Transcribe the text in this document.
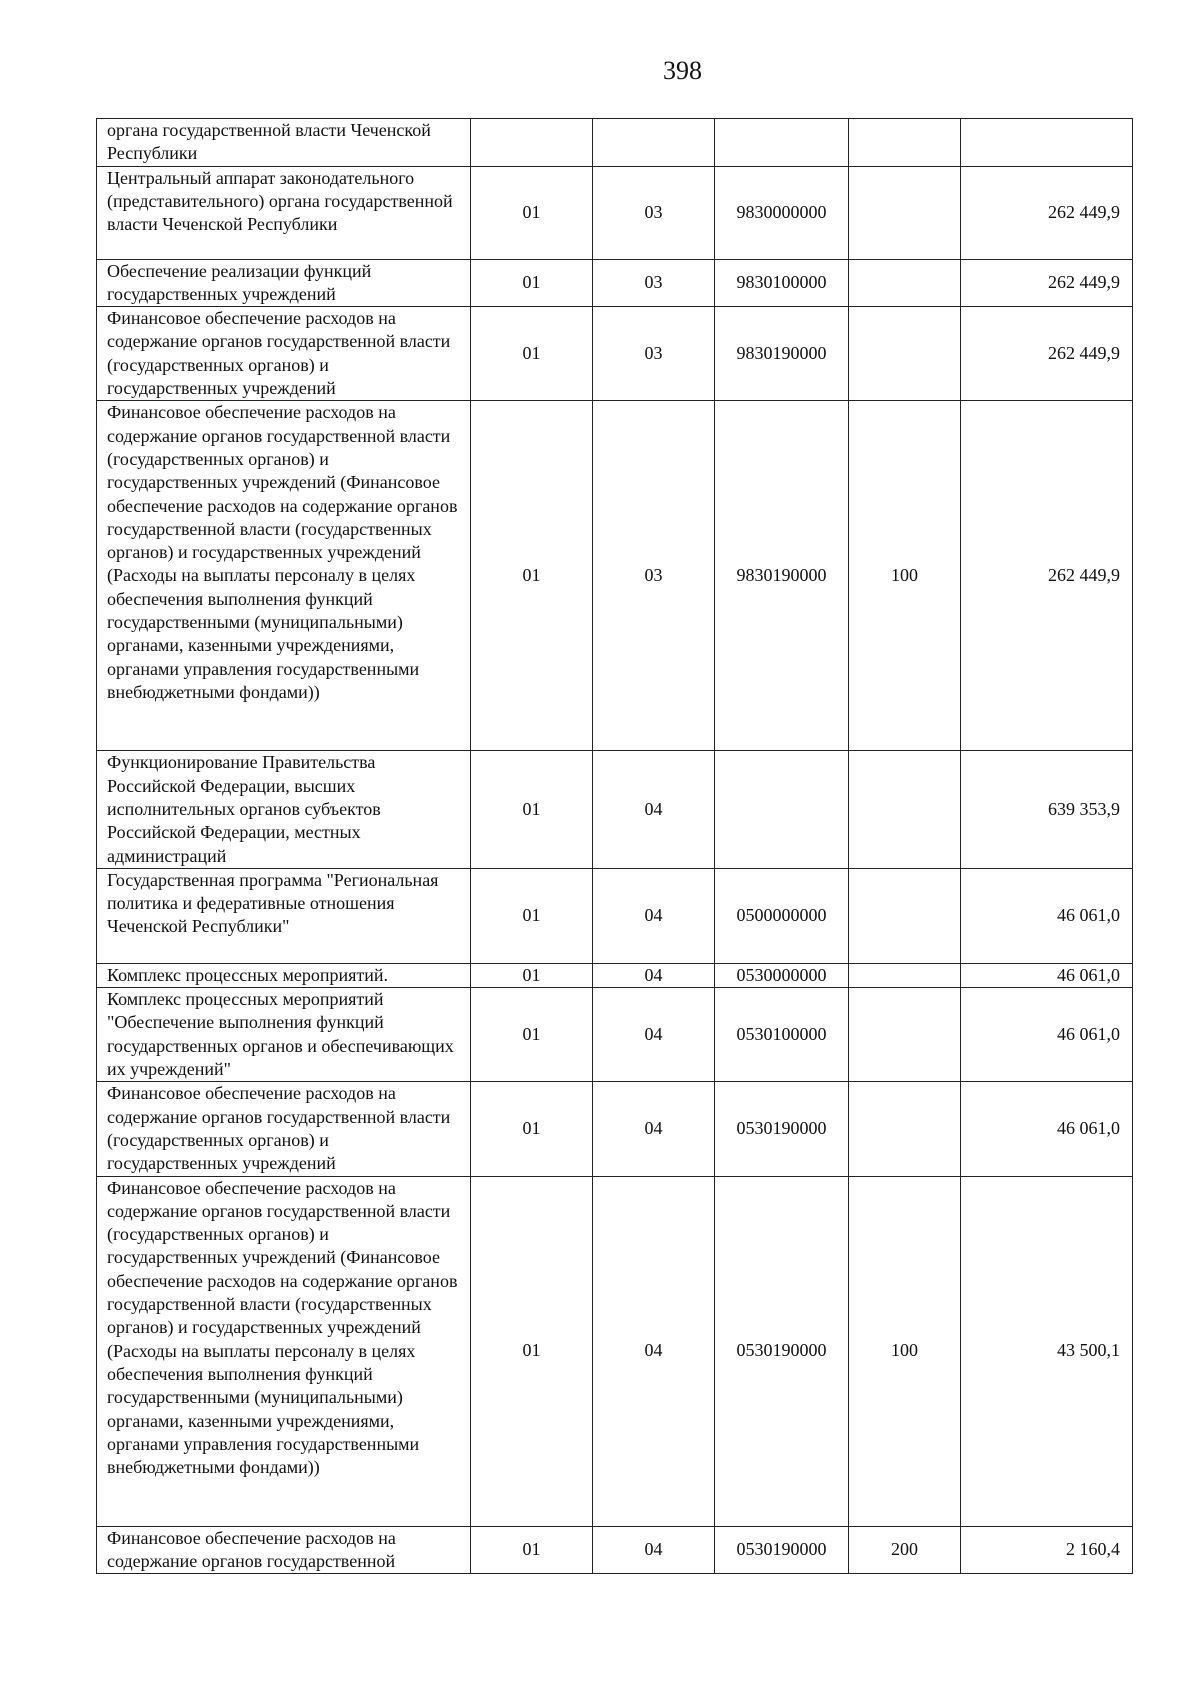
398
органа государственной власти Чеченской Республики					
Центральный аппарат законодательного (представительного) органа государственной власти Чеченской Республики	01	03	9830000000		262 449,9
Обеспечение реализации функций государственных учреждений	01	03	9830100000		262 449,9
Финансовое обеспечение расходов на содержание органов государственной власти (государственных органов) и государственных учреждений	01	03	9830190000		262 449,9
Финансовое обеспечение расходов на содержание органов государственной власти (государственных органов) и государственных учреждений (Финансовое обеспечение расходов на содержание органов государственной власти (государственных органов) и государственных учреждений (Расходы на выплаты персоналу в целях обеспечения выполнения функций государственными (муниципальными) органами, казенными учреждениями, органами управления государственными внебюджетными фондами))	01	03	9830190000	100	262 449,9
Функционирование Правительства Российской Федерации, высших исполнительных органов субъектов Российской Федерации, местных администраций	01	04			639 353,9
Государственная программа "Региональная политика и федеративные отношения Чеченской Республики"	01	04	0500000000		46 061,0
Комплекс процессных мероприятий.	01	04	0530000000		46 061,0
Комплекс процессных мероприятий "Обеспечение выполнения функций государственных органов и обеспечивающих их учреждений"	01	04	0530100000		46 061,0
Финансовое обеспечение расходов на содержание органов государственной власти (государственных органов) и государственных учреждений	01	04	0530190000		46 061,0
Финансовое обеспечение расходов на содержание органов государственной власти (государственных органов) и государственных учреждений (Финансовое обеспечение расходов на содержание органов государственной власти (государственных органов) и государственных учреждений (Расходы на выплаты персоналу в целях обеспечения выполнения функций государственными (муниципальными) органами, казенными учреждениями, органами управления государственными внебюджетными фондами))	01	04	0530190000	100	43 500,1
Финансовое обеспечение расходов на содержание органов государственной	01	04	0530190000	200	2 160,4
